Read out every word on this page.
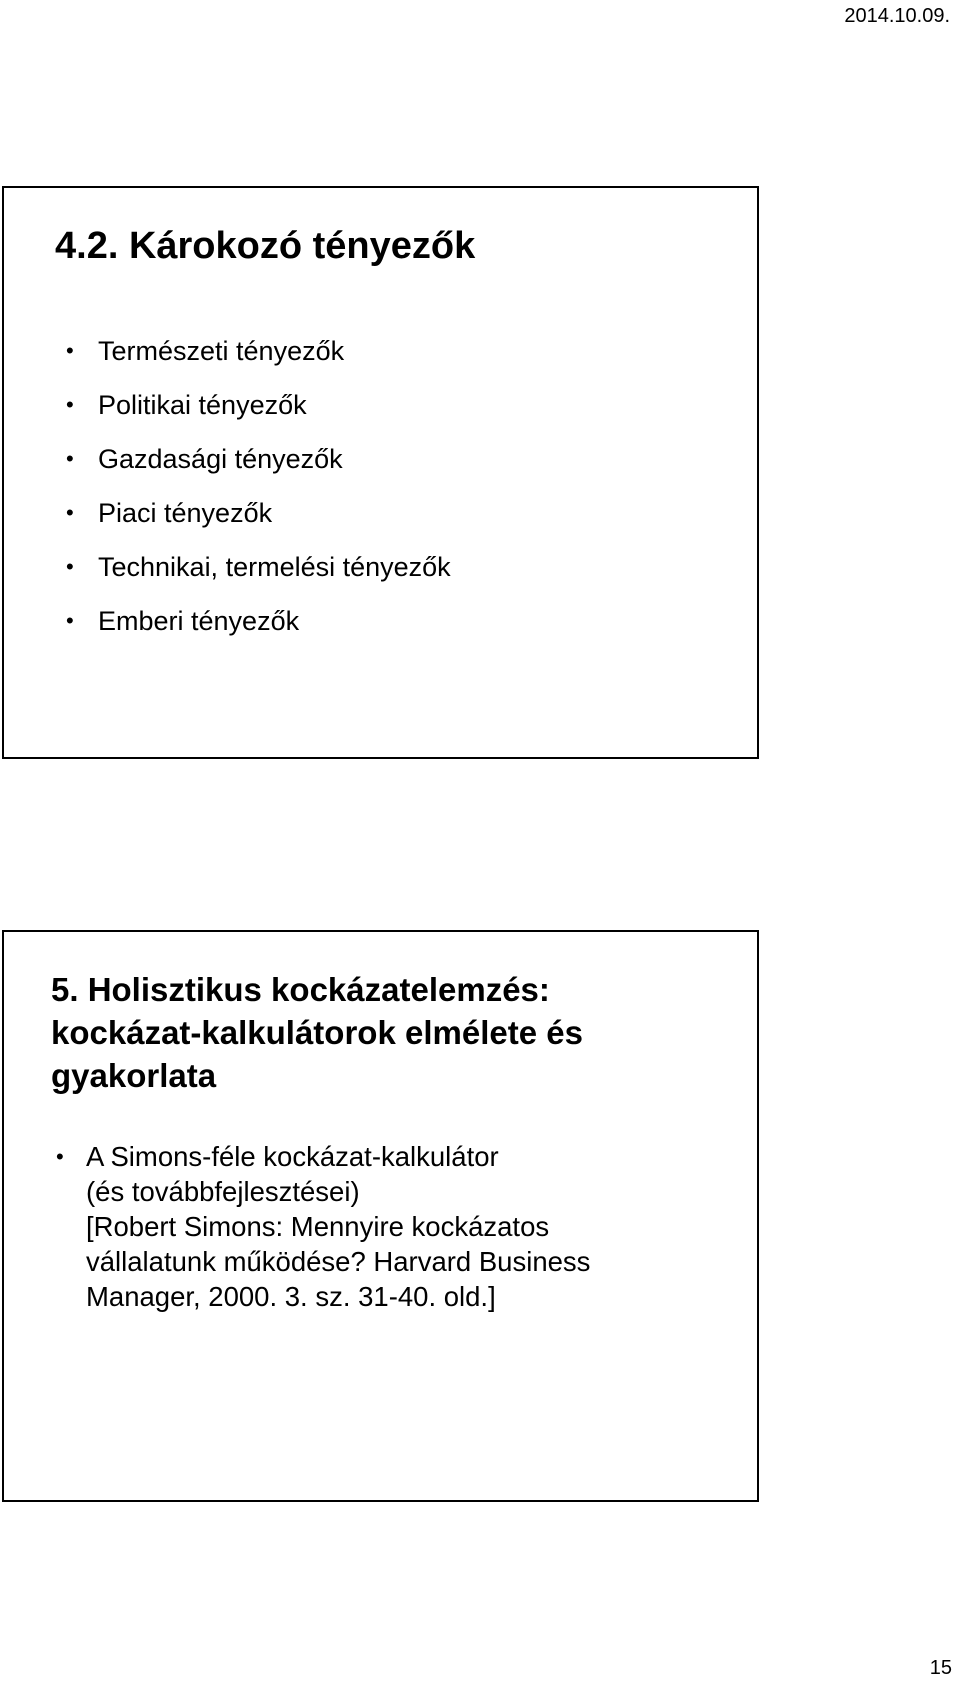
2014.10.09.
4.2. Károkozó tényezők
• Természeti tényezők
• Politikai tényezők
• Gazdasági tényezők
• Piaci tényezők
• Technikai, termelési tényezők
• Emberi tényezők
5. Holisztikus kockázatelemzés:
kockázat-kalkulátorok elmélete és
gyakorlata
• A Simons-féle kockázat-kalkulátor
(és továbbfejlesztései)
[Robert Simons: Mennyire kockázatos
vállalatunk működése? Harvard Business
Manager, 2000. 3. sz. 31-40. old.]
15
